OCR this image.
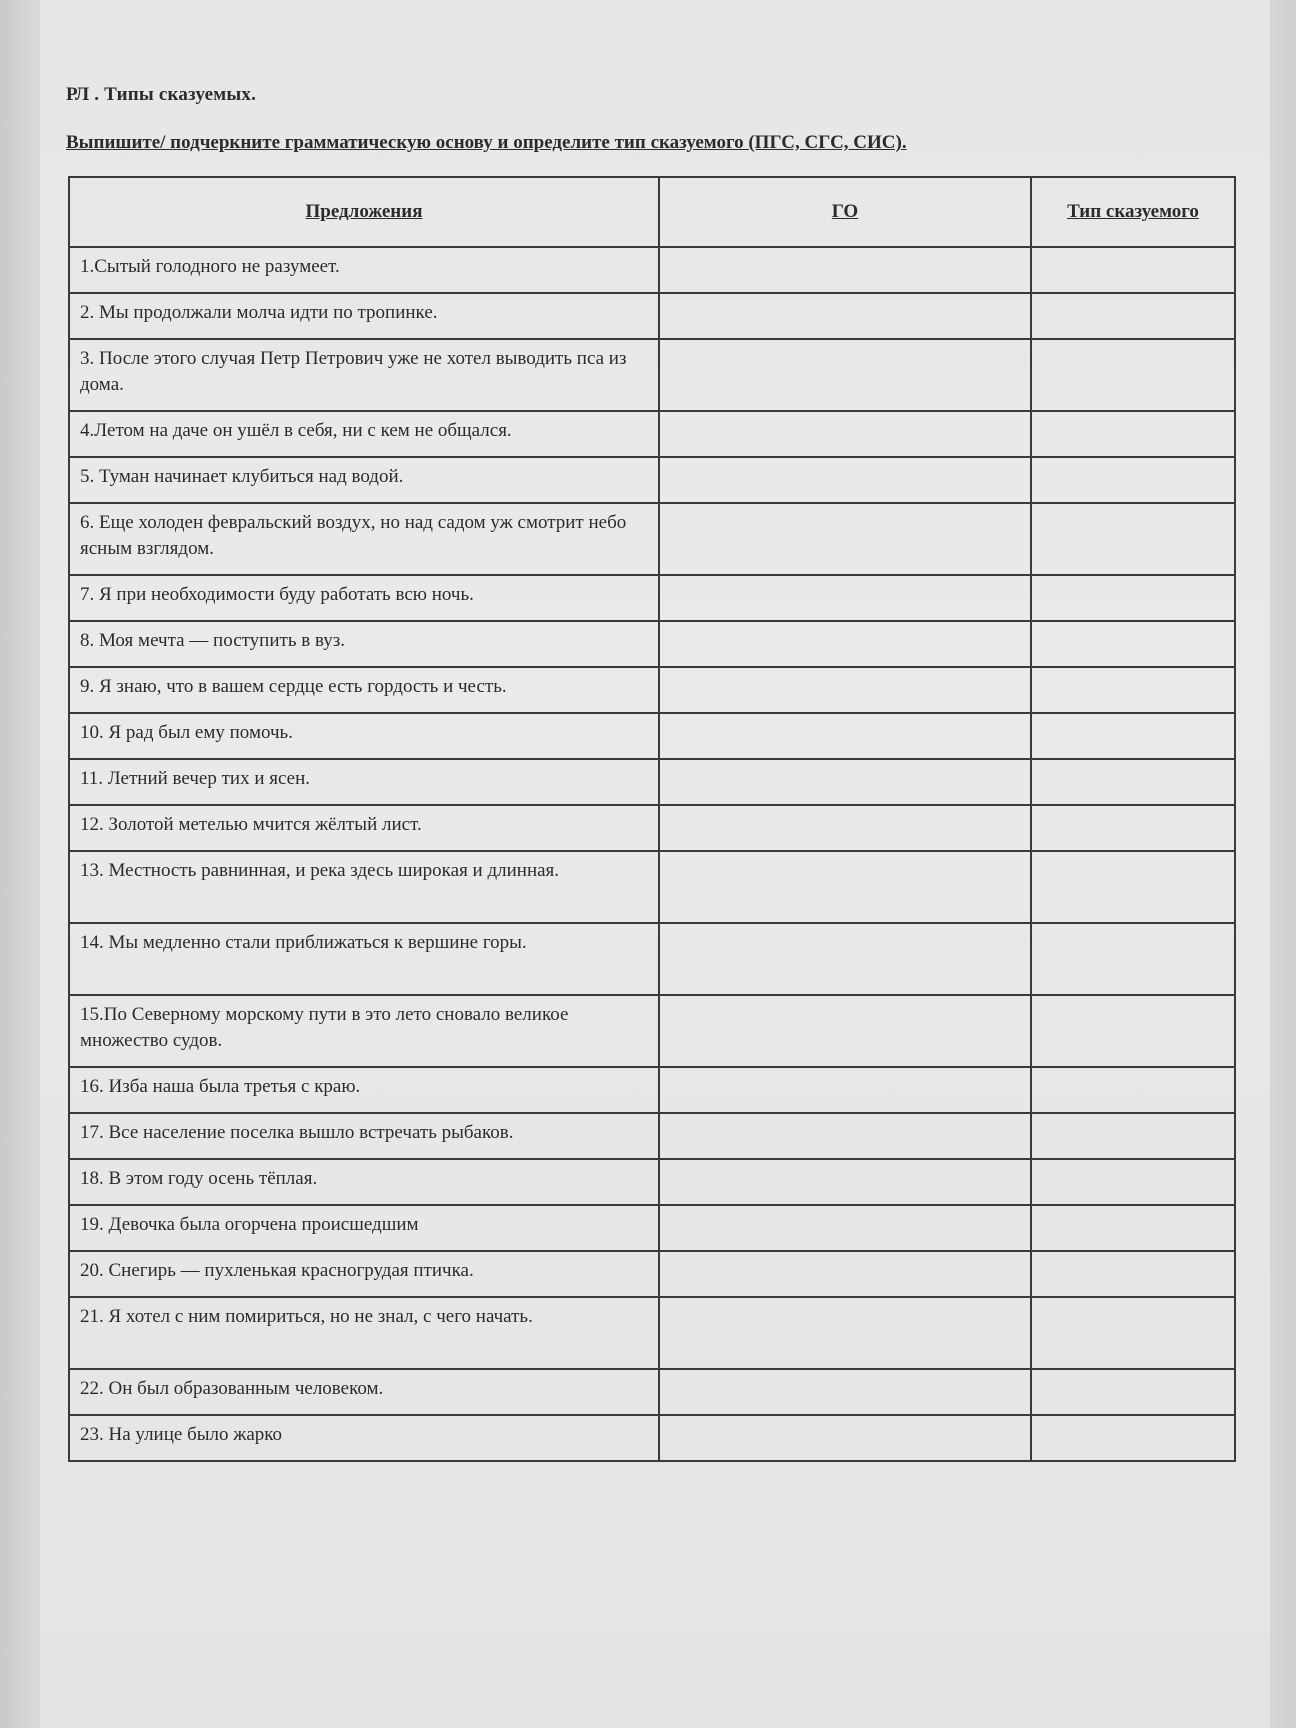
РЛ . Типы сказуемых.
Выпишите/ подчеркните грамматическую основу и определите тип сказуемого (ПГС, СГС, СИС).
Предложения	ГО	Тип сказуемого
1.Сытый голодного не разумеет.		
2. Мы продолжали молча идти по тропинке.		
3. После этого случая Петр Петрович уже не хотел выводить пса из дома.		
4.Летом на даче он ушёл в себя, ни с кем не общался.		
5. Туман начинает клубиться над водой.		
6. Еще холоден февральский воздух, но над садом уж смотрит небо ясным взглядом.		
7. Я при необходимости буду работать всю ночь.		
8. Моя мечта — поступить в вуз.		
9. Я знаю, что в вашем сердце есть гордость и честь.		
10. Я рад был ему помочь.		
11. Летний вечер тих и ясен.		
12. Золотой метелью мчится жёлтый лист.		
13. Местность равнинная, и река здесь широкая и длинная.		
14. Мы медленно стали приближаться к вершине горы.		
15.По Северному морскому пути в это лето сновало великое множество судов.		
16. Изба наша была третья с краю.		
17. Все население поселка вышло встречать рыбаков.		
18. В этом году осень тёплая.		
19. Девочка была огорчена происшедшим		
20. Снегирь — пухленькая красногрудая птичка.		
21. Я хотел с ним помириться, но не знал, с чего начать.		
22. Он был образованным человеком.		
23. На улице было жарко		
